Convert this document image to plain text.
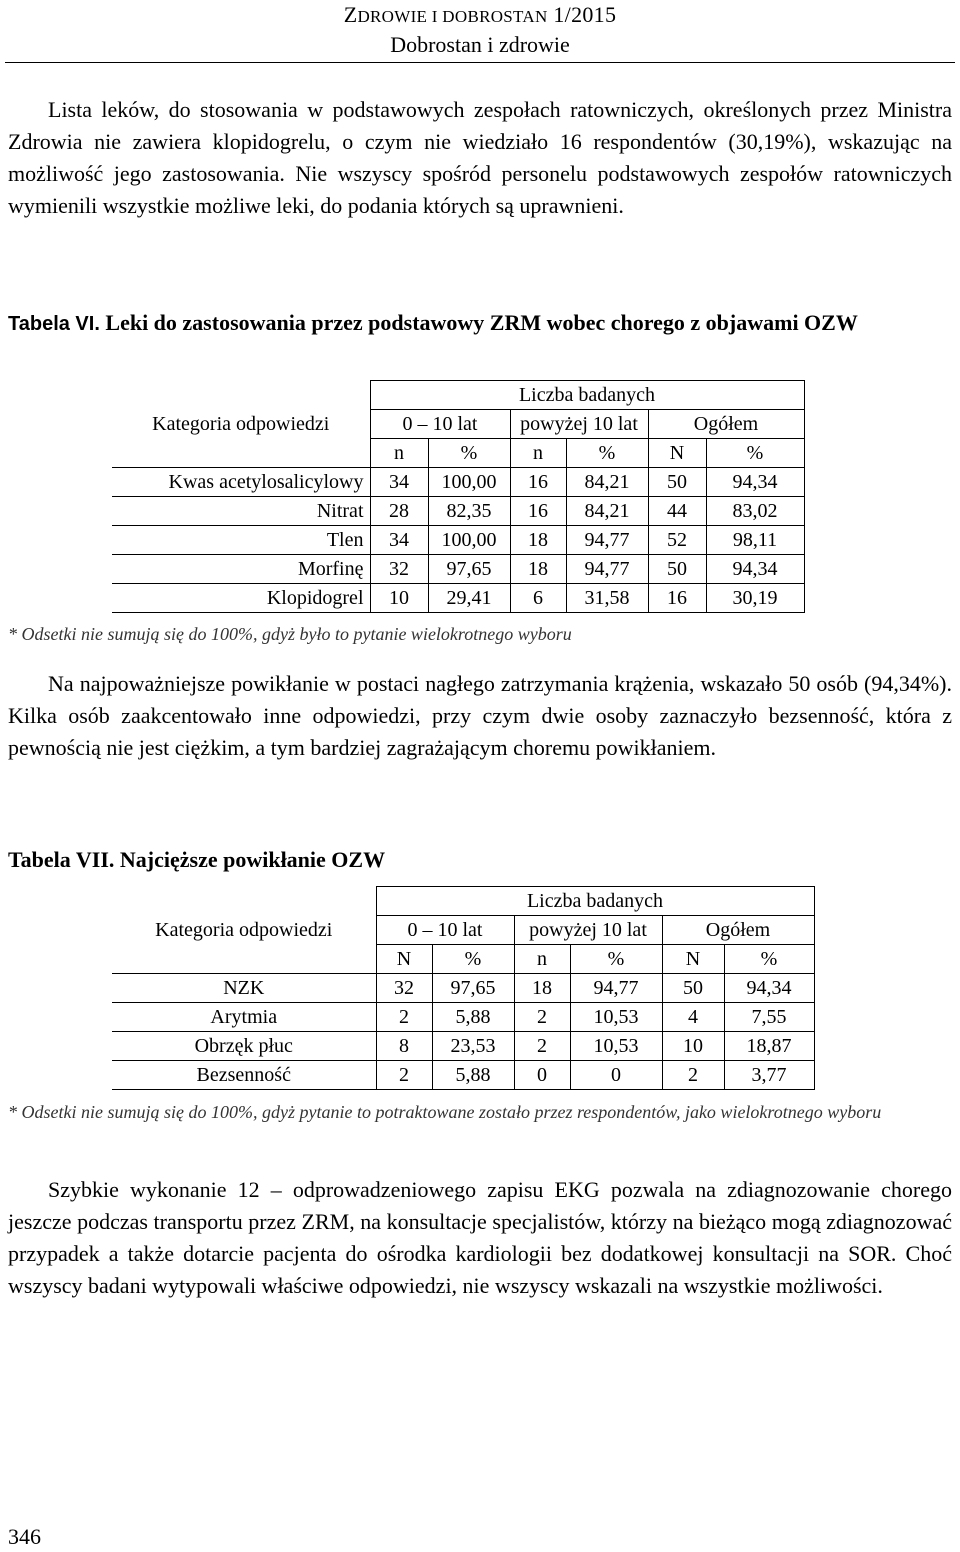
ZDROWIE I DOBROSTAN 1/2015
Dobrostan i zdrowie

Lista leków, do stosowania w podstawowych zespołach ratowniczych, określonych przez Ministra Zdrowia nie zawiera klopidogrelu, o czym nie wiedziało 16 respondentów (30,19%), wskazując na możliwość jego zastosowania. Nie wszyscy spośród personelu podstawowych zespołów ratowniczych wymienili wszystkie możliwe leki, do podania których są uprawnieni.

Tabela VI. Leki do zastosowania przez podstawowy ZRM wobec chorego z objawami OZW

	Liczba badanych					
Kategoria odpowiedzi	0 – 10 lat		powyżej 10 lat		Ogółem	
	n	%	n	%	N	%
Kwas acetylosalicylowy	34	100,00	16	84,21	50	94,34
Nitrat	28	82,35	16	84,21	44	83,02
Tlen	34	100,00	18	94,77	52	98,11
Morfinę	32	97,65	18	94,77	50	94,34
Klopidogrel	10	29,41	6	31,58	16	30,19

* Odsetki nie sumują się do 100%, gdyż było to pytanie wielokrotnego wyboru

Na najpoważniejsze powikłanie w postaci nagłego zatrzymania krążenia, wskazało 50 osób (94,34%). Kilka osób zaakcentowało inne odpowiedzi, przy czym dwie osoby zaznaczyło bezsenność, która z pewnością nie jest ciężkim, a tym bardziej zagrażającym choremu powikłaniem.

Tabela VII. Najcięższe powikłanie OZW

	Liczba badanych					
Kategoria odpowiedzi	0 – 10 lat		powyżej 10 lat		Ogółem	
	N	%	n	%	N	%
NZK	32	97,65	18	94,77	50	94,34
Arytmia	2	5,88	2	10,53	4	7,55
Obrzęk płuc	8	23,53	2	10,53	10	18,87
Bezsenność	2	5,88	0	0	2	3,77

* Odsetki nie sumują się do 100%, gdyż pytanie to potraktowane zostało przez respondentów, jako wielokrotnego wyboru

Szybkie wykonanie 12 – odprowadzeniowego zapisu EKG pozwala na zdiagnozowanie chorego jeszcze podczas transportu przez ZRM, na konsultacje specjalistów, którzy na bieżąco mogą zdiagnozować przypadek a także dotarcie pacjenta do ośrodka kardiologii bez dodatkowej konsultacji na SOR. Choć wszyscy badani wytypowali właściwe odpowiedzi, nie wszyscy wskazali na wszystkie możliwości.

346
